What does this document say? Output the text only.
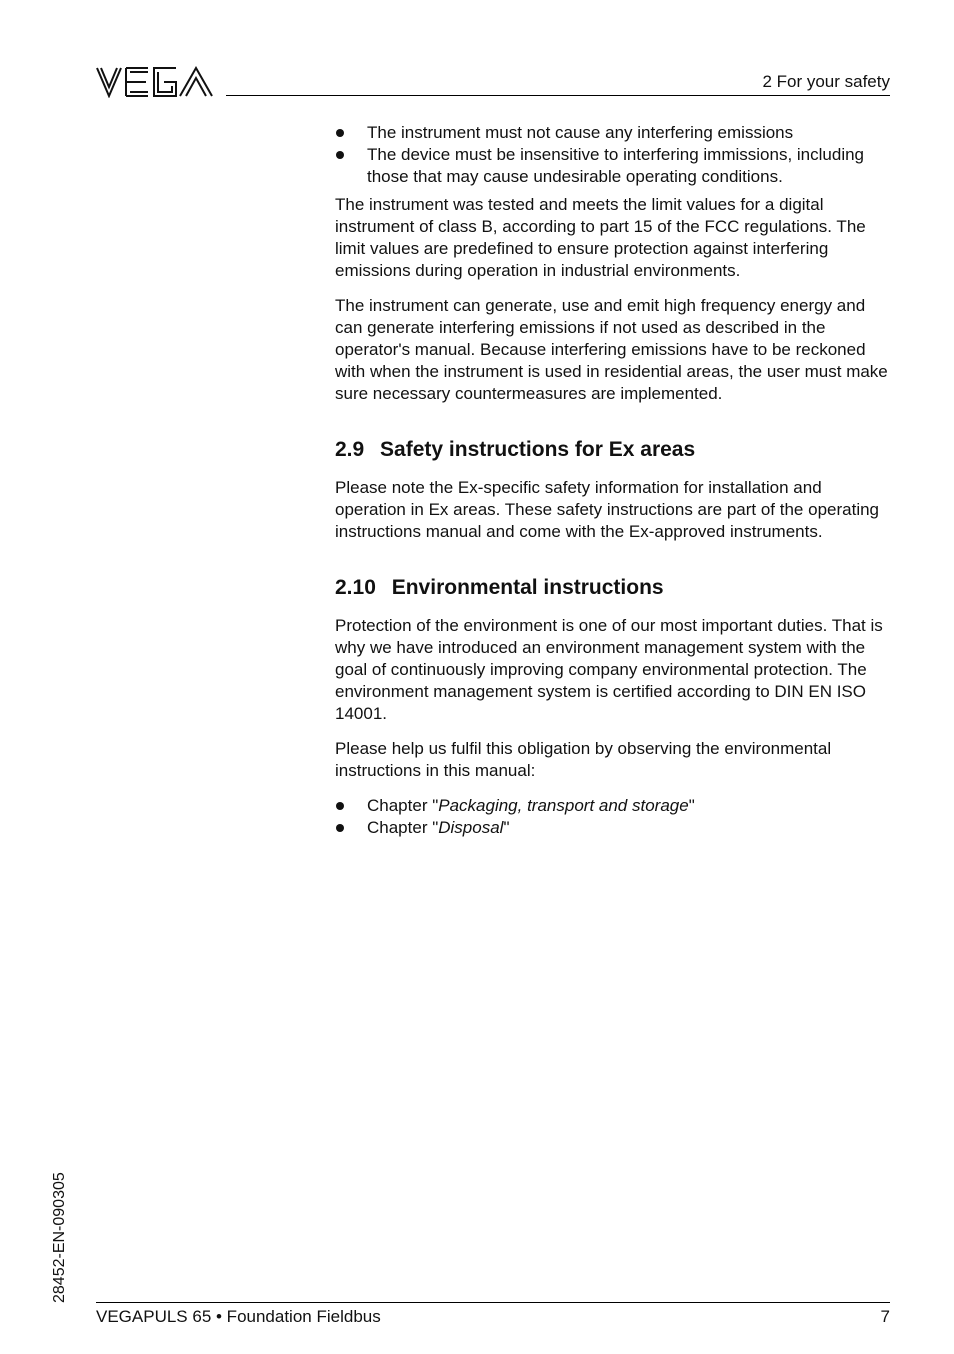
2 For your safety
The instrument must not cause any interfering emissions
The device must be insensitive to interfering immissions, including those that may cause undesirable operating conditions.

The instrument was tested and meets the limit values for a digital instrument of class B, according to part 15 of the FCC regulations. The limit values are predefined to ensure protection against interfering emissions during operation in industrial environments.

The instrument can generate, use and emit high frequency energy and can generate interfering emissions if not used as described in the operator's manual. Because interfering emissions have to be reckoned with when the instrument is used in residential areas, the user must make sure necessary countermeasures are implemented.

2.9 Safety instructions for Ex areas

Please note the Ex-specific safety information for installation and operation in Ex areas. These safety instructions are part of the operating instructions manual and come with the Ex-approved instruments.

2.10 Environmental instructions

Protection of the environment is one of our most important duties. That is why we have introduced an environment management system with the goal of continuously improving company environmental protection. The environment management system is certified according to DIN EN ISO 14001.

Please help us fulfil this obligation by observing the environmental instructions in this manual:

Chapter "Packaging, transport and storage"
Chapter "Disposal"
28452-EN-090305
VEGAPULS 65 • Foundation Fieldbus	7
